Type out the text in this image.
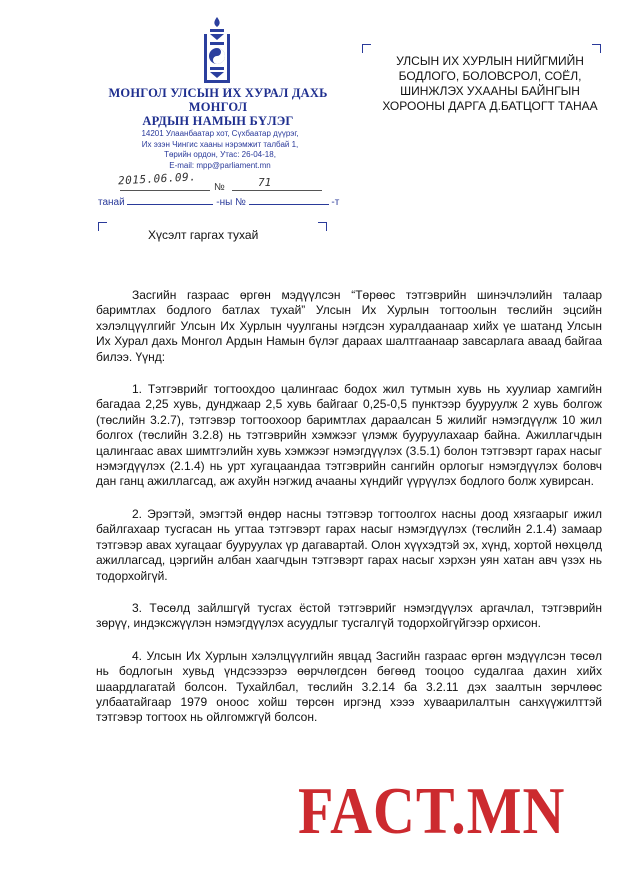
МОНГОЛ УЛСЫН ИХ ХУРАЛ ДАХЬ
МОНГОЛ
АРДЫН НАМЫН БҮЛЭГ
14201 Улаанбаатар хот, Сүхбаатар дүүрэг,
Их эзэн Чингис хааны нэрэмжит талбай 1,
Төрийн ордон, Утас: 26-04-18,
E-mail: mpp@parliament.mn
2015.06.09.
№	71
танай	-ны №	-т
УЛСЫН ИХ ХУРЛЫН НИЙГМИЙН
БОДЛОГО, БОЛОВСРОЛ, СОЁЛ,
ШИНЖЛЭХ УХААНЫ БАЙНГЫН
ХОРООНЫ ДАРГА Д.БАТЦОГТ ТАНАА
Хүсэлт гаргах тухай

Засгийн газраас өргөн мэдүүлсэн “Төрөөс тэтгэврийн шинэчлэлийн талаар баримтлах бодлого батлах тухай” Улсын Их Хурлын тогтоолын төслийн эцсийн хэлэлцүүлгийг Улсын Их Хурлын чуулганы нэгдсэн хуралдаанаар хийх үе шатанд Улсын Их Хурал дахь Монгол Ардын Намын бүлэг дараах шалтгаанаар завсарлага аваад байгаа билээ. Үүнд:

1. Тэтгэврийг тогтоохдоо цалингаас бодох жил тутмын хувь нь хуулиар хамгийн багадаа 2,25 хувь, дунджаар 2,5 хувь байгааг 0,25-0,5 пунктээр бууруулж 2 хувь болгож (төслийн 3.2.7), тэтгэвэр тогтоохоор баримтлах дараалсан 5 жилийг нэмэгдүүлж 10 жил болгох (төслийн 3.2.8) нь тэтгэврийн хэмжээг үлэмж бууруулахаар байна. Ажиллагчдын цалингаас авах шимтгэлийн хувь хэмжээг нэмэгдүүлэх (3.5.1) болон тэтгэвэрт гарах насыг нэмэгдүүлэх (2.1.4) нь урт хугацаандаа тэтгэврийн сангийн орлогыг нэмэгдүүлэх боловч дан ганц ажиллагсад, аж ахуйн нэгжид ачааны хүндийг үүрүүлэх бодлого болж хувирсан.

2. Эрэгтэй, эмэгтэй өндөр насны тэтгэвэр тогтоолгох насны доод хязгаарыг ижил байлгахаар тусгасан нь угтаа тэтгэвэрт гарах насыг нэмэгдүүлэх (төслийн 2.1.4) замаар тэтгэвэр авах хугацааг бууруулах үр дагавартай. Олон хүүхэдтэй эх, хүнд, хортой нөхцөлд ажиллагсад, цэргийн албан хаагчдын тэтгэвэрт гарах насыг хэрхэн уян хатан авч үзэх нь тодорхойгүй.

3. Төсөлд зайлшгүй тусгах ёстой тэтгэврийг нэмэгдүүлэх аргачлал, тэтгэврийн зөрүү, индэксжүүлэн нэмэгдүүлэх асуудлыг тусгалгүй тодорхойгүйгээр орхисон.

4. Улсын Их Хурлын хэлэлцүүлгийн явцад Засгийн газраас өргөн мэдүүлсэн төсөл нь бодлогын хувьд үндсэээрээ өөрчлөгдсөн бөгөөд тооцоо судалгаа дахин хийх шаардлагатай болсон. Тухайлбал, төслийн 3.2.14 ба 3.2.11 дэх заалтын зөрчлөөс улбаатайгаар 1979 оноос хойш төрсөн иргэнд хэээ хуваарилалтын санхүүжилттэй тэтгэвэр тогтоох нь ойлгомжгүй болсон.

FACT.MN
